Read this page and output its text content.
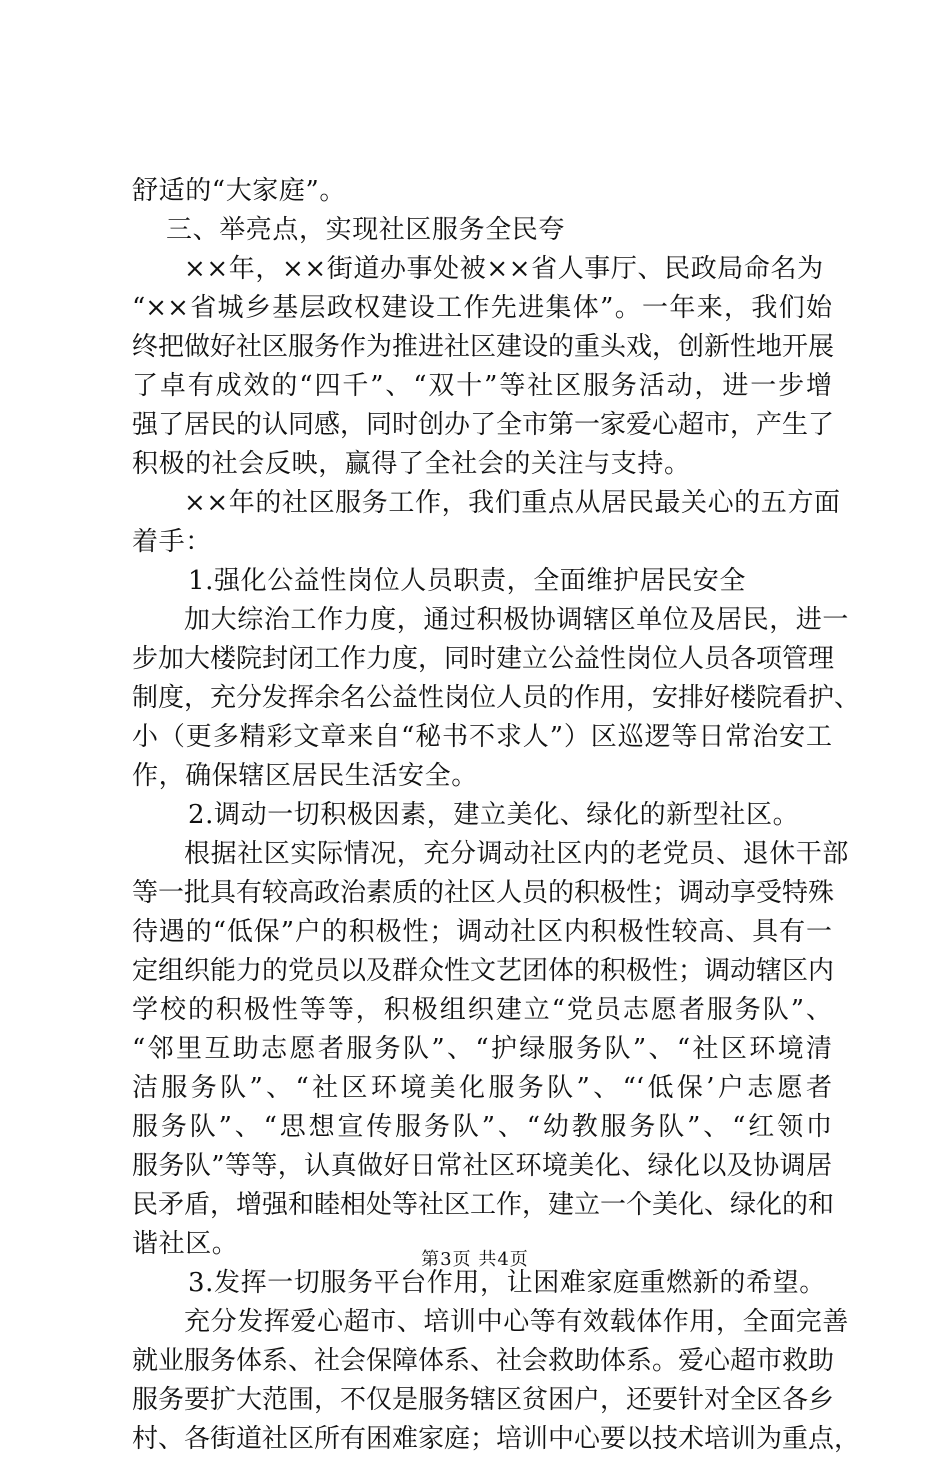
舒适的“大家庭”。
三、举亮点，实现社区服务全民夸
××年，××街道办事处被××省人事厅、民政局命名为
“××省城乡基层政权建设工作先进集体”。一年来，我们始
终把做好社区服务作为推进社区建设的重头戏，创新性地开展
了卓有成效的“四千”、“双十”等社区服务活动，进一步增
强了居民的认同感，同时创办了全市第一家爱心超市，产生了
积极的社会反映，赢得了全社会的关注与支持。
××年的社区服务工作，我们重点从居民最关心的五方面
着手：
1.强化公益性岗位人员职责，全面维护居民安全
加大综治工作力度，通过积极协调辖区单位及居民，进一
步加大楼院封闭工作力度，同时建立公益性岗位人员各项管理
制度，充分发挥余名公益性岗位人员的作用，安排好楼院看护、
小（更多精彩文章来自“秘书不求人”）区巡逻等日常治安工
作，确保辖区居民生活安全。
2.调动一切积极因素，建立美化、绿化的新型社区。
根据社区实际情况，充分调动社区内的老党员、退休干部
等一批具有较高政治素质的社区人员的积极性；调动享受特殊
待遇的“低保”户的积极性；调动社区内积极性较高、具有一
定组织能力的党员以及群众性文艺团体的积极性；调动辖区内
学校的积极性等等，积极组织建立“党员志愿者服务队”、
“邻里互助志愿者服务队”、“护绿服务队”、“社区环境清
洁服务队”、“社区环境美化服务队”、“‘低保’户志愿者
服务队”、“思想宣传服务队”、“幼教服务队”、“红领巾
服务队”等等，认真做好日常社区环境美化、绿化以及协调居
民矛盾，增强和睦相处等社区工作，建立一个美化、绿化的和
谐社区。
3.发挥一切服务平台作用，让困难家庭重燃新的希望。
充分发挥爱心超市、培训中心等有效载体作用，全面完善
就业服务体系、社会保障体系、社会救助体系。爱心超市救助
服务要扩大范围，不仅是服务辖区贫困户，还要针对全区各乡
村、各街道社区所有困难家庭；培训中心要以技术培训为重点，
第3页 共4页
